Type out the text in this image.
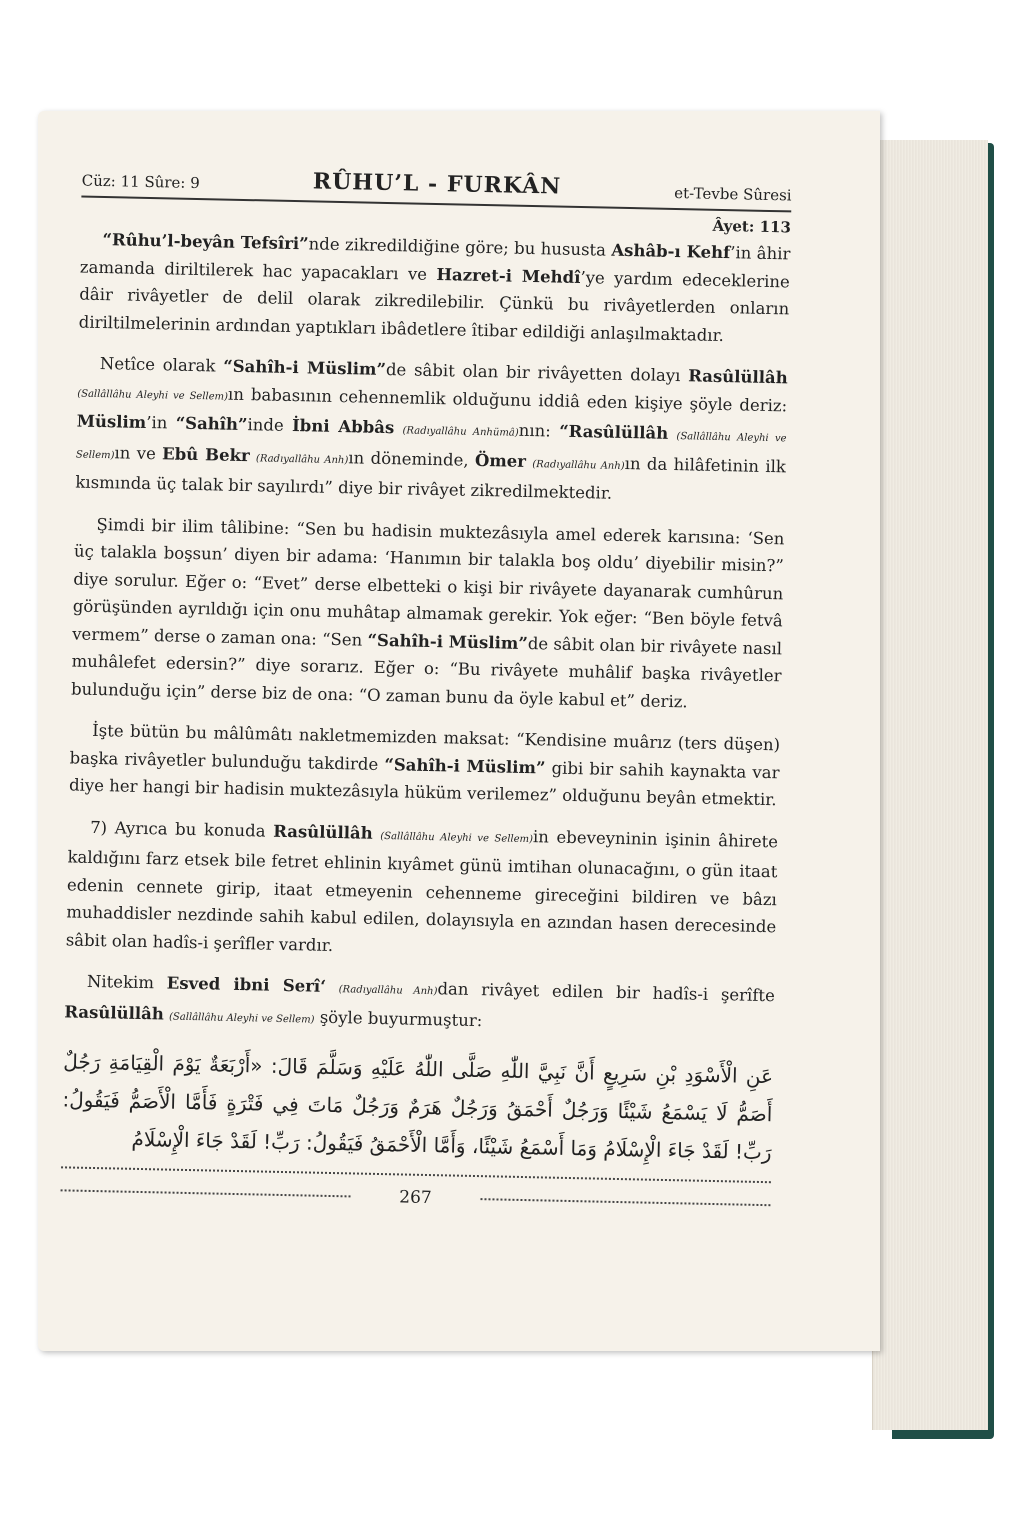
Cüz: 11 Sûre: 9	RÛHU’L - FURKÂN	et-Tevbe Sûresi
Âyet: 113

“Rûhu’l-beyân Tefsîri”nde zikredildiğine göre; bu hususta Ashâb-ı Kehf’in âhir zamanda diriltilerek hac yapacakları ve Hazret-i Mehdî’ye yardım edeceklerine dâir rivâyetler de delil olarak zikredilebilir. Çünkü bu rivâyetlerden onların diriltilmelerinin ardından yaptıkları ibâdetlere îtibar edildiği anlaşılmaktadır.

Netîce olarak “Sahîh-i Müslim”de sâbit olan bir rivâyetten dolayı Rasûlüllâh (Sallâllâhu Aleyhi ve Sellem)ın babasının cehennemlik olduğunu iddiâ eden kişiye şöyle deriz: Müslim’in “Sahîh”inde İbni Abbâs (Radıyallâhu Anhümâ)nın: “Rasûlüllâh (Sallâllâhu Aleyhi ve Sellem)ın ve Ebû Bekr (Radıyallâhu Anh)ın döneminde, Ömer (Radıyallâhu Anh)ın da hilâfetinin ilk kısmında üç talak bir sayılırdı” diye bir rivâyet zikredilmektedir.

Şimdi bir ilim tâlibine: “Sen bu hadisin muktezâsıyla amel ederek karısına: ‘Sen üç talakla boşsun’ diyen bir adama: ‘Hanımın bir talakla boş oldu’ diyebilir misin?” diye sorulur. Eğer o: “Evet” derse elbetteki o kişi bir rivâyete dayanarak cumhûrun görüşünden ayrıldığı için onu muhâtap almamak gerekir. Yok eğer: “Ben böyle fetvâ vermem” derse o zaman ona: “Sen “Sahîh-i Müslim”de sâbit olan bir rivâyete nasıl muhâlefet edersin?” diye sorarız. Eğer o: “Bu rivâyete muhâlif başka rivâyetler bulunduğu için” derse biz de ona: “O zaman bunu da öyle kabul et” deriz.

İşte bütün bu mâlûmâtı nakletmemizden maksat: “Kendisine muârız (ters düşen) başka rivâyetler bulunduğu takdirde “Sahîh-i Müslim” gibi bir sahih kaynakta var diye her hangi bir hadisin muktezâsıyla hüküm verilemez” olduğunu beyân etmektir.

7) Ayrıca bu konuda Rasûlüllâh (Sallâllâhu Aleyhi ve Sellem)in ebeveyninin işinin âhirete kaldığını farz etsek bile fetret ehlinin kıyâmet günü imtihan olunacağını, o gün itaat edenin cennete girip, itaat etmeyenin cehenneme gireceğini bildiren ve bâzı muhaddisler nezdinde sahih kabul edilen, dolayısıyla en azından hasen derecesinde sâbit olan hadîs-i şerîfler vardır.

Nitekim Esved ibni Serî‘ (Radıyallâhu Anh)dan rivâyet edilen bir hadîs-i şerîfte Rasûlüllâh (Sallâllâhu Aleyhi ve Sellem) şöyle buyurmuştur:

عَنِ الْأَسْوَدِ بْنِ سَرِيعٍ أَنَّ نَبِيَّ اللّٰهِ صَلَّى اللّٰهُ عَلَيْهِ وَسَلَّمَ قَالَ: «أَرْبَعَةٌ يَوْمَ الْقِيَامَةِ رَجُلٌ أَصَمُّ لَا يَسْمَعُ شَيْئًا وَرَجُلٌ أَحْمَقُ وَرَجُلٌ هَرَمٌ وَرَجُلٌ مَاتَ فِي فَتْرَةٍ فَأَمَّا الْأَصَمُّ فَيَقُولُ: رَبِّ! لَقَدْ جَاءَ الْإِسْلَامُ وَمَا أَسْمَعُ شَيْئًا، وَأَمَّا الْأَحْمَقُ فَيَقُولُ: رَبِّ! لَقَدْ جَاءَ الْإِسْلَامُ
267
